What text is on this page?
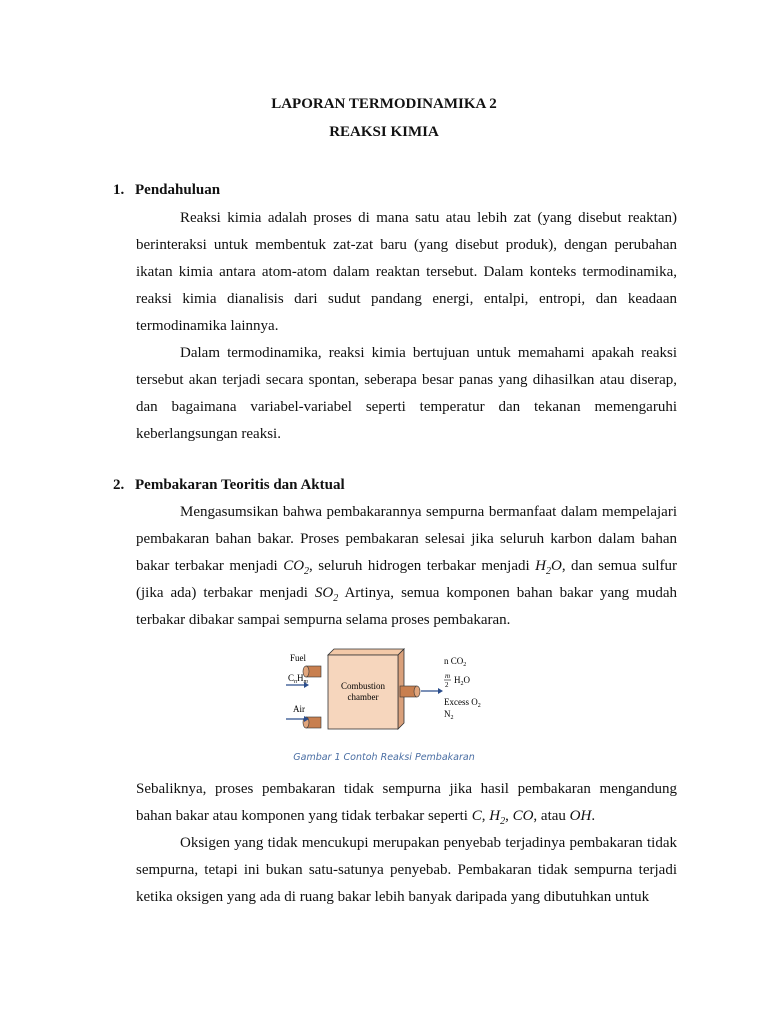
LAPORAN TERMODINAMIKA 2
REAKSI KIMIA
1. Pendahuluan

Reaksi kimia adalah proses di mana satu atau lebih zat (yang disebut reaktan) berinteraksi untuk membentuk zat-zat baru (yang disebut produk), dengan perubahan ikatan kimia antara atom-atom dalam reaktan tersebut. Dalam konteks termodinamika, reaksi kimia dianalisis dari sudut pandang energi, entalpi, entropi, dan keadaan termodinamika lainnya.

Dalam termodinamika, reaksi kimia bertujuan untuk memahami apakah reaksi tersebut akan terjadi secara spontan, seberapa besar panas yang dihasilkan atau diserap, dan bagaimana variabel-variabel seperti temperatur dan tekanan memengaruhi keberlangsungan reaksi.

2. Pembakaran Teoritis dan Aktual

Mengasumsikan bahwa pembakarannya sempurna bermanfaat dalam mempelajari pembakaran bahan bakar. Proses pembakaran selesai jika seluruh karbon dalam bahan bakar terbakar menjadi $CO_2$, seluruh hidrogen terbakar menjadi $H_2O$, dan semua sulfur (jika ada) terbakar menjadi $SO_2$ Artinya, semua komponen bahan bakar yang mudah terbakar dibakar sampai sempurna selama proses pembakaran.

Fuel
$C_nH_m$
Air
Combustion
chamber
n $CO_2$
m
2 $H_2O$
Excess $O_2$
$N_2$
Gambar 1 Contoh Reaksi Pembakaran

Sebaliknya, proses pembakaran tidak sempurna jika hasil pembakaran mengandung bahan bakar atau komponen yang tidak terbakar seperti C, $H_2$, CO, atau OH.

Oksigen yang tidak mencukupi merupakan penyebab terjadinya pembakaran tidak sempurna, tetapi ini bukan satu-satunya penyebab. Pembakaran tidak sempurna terjadi ketika oksigen yang ada di ruang bakar lebih banyak daripada yang dibutuhkan untuk
